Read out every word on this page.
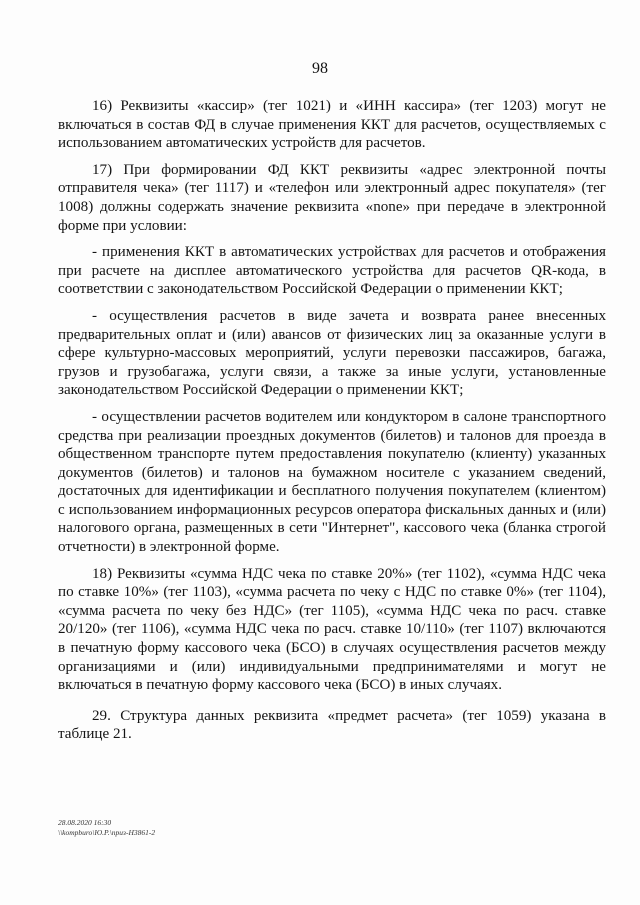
98

16) Реквизиты «кассир» (тег 1021) и «ИНН кассира» (тег 1203) могут не включаться в состав ФД в случае применения ККТ для расчетов, осуществляемых с использованием автоматических устройств для расчетов.

17) При формировании ФД ККТ реквизиты «адрес электронной почты отправителя чека» (тег 1117) и «телефон или электронный адрес покупателя» (тег 1008) должны содержать значение реквизита «none» при передаче в электронной форме при условии:

- применения ККТ в автоматических устройствах для расчетов и отображения при расчете на дисплее автоматического устройства для расчетов QR-кода, в соответствии с законодательством Российской Федерации о применении ККТ;

- осуществления расчетов в виде зачета и возврата ранее внесенных предварительных оплат и (или) авансов от физических лиц за оказанные услуги в сфере культурно-массовых мероприятий, услуги перевозки пассажиров, багажа, грузов и грузобагажа, услуги связи, а также за иные услуги, установленные законодательством Российской Федерации о применении ККТ;

- осуществлении расчетов водителем или кондуктором в салоне транспортного средства при реализации проездных документов (билетов) и талонов для проезда в общественном транспорте путем предоставления покупателю (клиенту) указанных документов (билетов) и талонов на бумажном носителе с указанием сведений, достаточных для идентификации и бесплатного получения покупателем (клиентом) с использованием информационных ресурсов оператора фискальных данных и (или) налогового органа, размещенных в сети "Интернет", кассового чека (бланка строгой отчетности) в электронной форме.

18) Реквизиты «сумма НДС чека по ставке 20%» (тег 1102), «сумма НДС чека по ставке 10%» (тег 1103), «сумма расчета по чеку с НДС по ставке 0%» (тег 1104), «сумма расчета по чеку без НДС» (тег 1105), «сумма НДС чека по расч. ставке 20/120» (тег 1106), «сумма НДС чека по расч. ставке 10/110» (тег 1107) включаются в печатную форму кассового чека (БСО) в случаях осуществления расчетов между организациями и (или) индивидуальными предпринимателями и могут не включаться в печатную форму кассового чека (БСО) в иных случаях.

29. Структура данных реквизита «предмет расчета» (тег 1059) указана в таблице 21.

28.08.2020 16:30
\\kompburo\Ю.Р.\приз-Н3861-2
